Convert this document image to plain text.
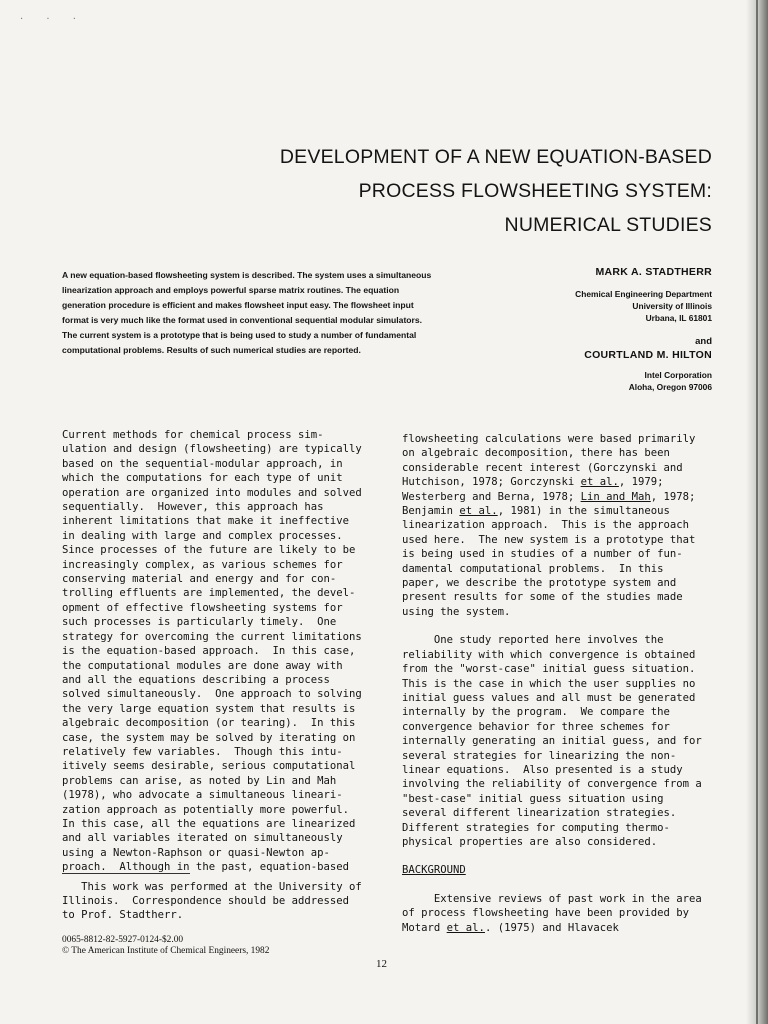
· · ·
DEVELOPMENT OF A NEW EQUATION-BASED
PROCESS FLOWSHEETING SYSTEM:
NUMERICAL STUDIES

A new equation-based flowsheeting system is described. The system uses a simultaneous linearization approach and employs powerful sparse matrix routines. The equation generation procedure is efficient and makes flowsheet input easy. The flowsheet input format is very much like the format used in conventional sequential modular simulators. The current system is a prototype that is being used to study a number of fundamental computational problems. Results of such numerical studies are reported.

MARK A. STADTHERR

Chemical Engineering Department

University of Illinois

Urbana, IL 61801

and

COURTLAND M. HILTON

Intel Corporation

Aloha, Oregon 97006

Current methods for chemical process sim-

ulation and design (flowsheeting) are typically

based on the sequential-modular approach, in

which the computations for each type of unit

operation are organized into modules and solved

sequentially.  However, this approach has

inherent limitations that make it ineffective

in dealing with large and complex processes.

Since processes of the future are likely to be

increasingly complex, as various schemes for

conserving material and energy and for con-

trolling effluents are implemented, the devel-

opment of effective flowsheeting systems for

such processes is particularly timely.  One

strategy for overcoming the current limitations

is the equation-based approach.  In this case,

the computational modules are done away with

and all the equations describing a process

solved simultaneously.  One approach to solving

the very large equation system that results is

algebraic decomposition (or tearing).  In this

case, the system may be solved by iterating on

relatively few variables.  Though this intu-

itively seems desirable, serious computational

problems can arise, as noted by Lin and Mah

(1978), who advocate a simultaneous lineari-

zation approach as potentially more powerful.

In this case, all the equations are linearized

and all variables iterated on simultaneously

using a Newton-Raphson or quasi-Newton ap-

proach.  Although in the past, equation-based

flowsheeting calculations were based primarily

on algebraic decomposition, there has been

considerable recent interest (Gorczynski and

Hutchison, 1978; Gorczynski et al., 1979;

Westerberg and Berna, 1978; Lin and Mah, 1978;

Benjamin et al., 1981) in the simultaneous

linearization approach.  This is the approach

used here.  The new system is a prototype that

is being used in studies of a number of fun-

damental computational problems.  In this

paper, we describe the prototype system and

present results for some of the studies made

using the system.

One study reported here involves the

reliability with which convergence is obtained

from the "worst-case" initial guess situation.

This is the case in which the user supplies no

initial guess values and all must be generated

internally by the program.  We compare the

convergence behavior for three schemes for

internally generating an initial guess, and for

several strategies for linearizing the non-

linear equations.  Also presented is a study

involving the reliability of convergence from a

"best-case" initial guess situation using

several different linearization strategies.

Different strategies for computing thermo-

physical properties are also considered.

BACKGROUND

Extensive reviews of past work in the area

of process flowsheeting have been provided by

Motard et al.. (1975) and Hlavacek

This work was performed at the University of

Illinois.  Correspondence should be addressed

to Prof. Stadtherr.

0065-8812-82-5927-0124-$2.00

© The American Institute of Chemical Engineers, 1982

12
